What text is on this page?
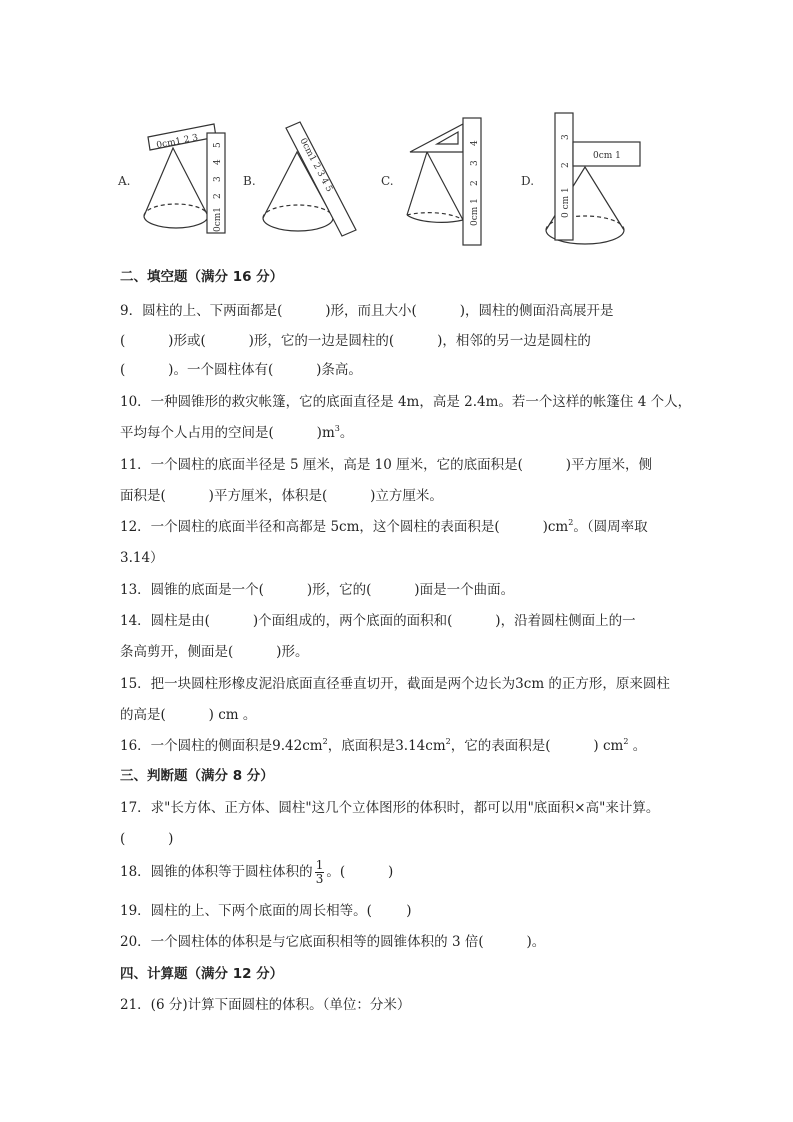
A.
0cm1 2 3
0cm1
2
3
4
5
B.	0cm1 2 3 4 5	C.
0cm 1
2
3
4
D.
0cm 1
0 cm 1
2
3
二、填空题（满分 16 分）
9．圆柱的上、下两面都是(          )形，而且大小(          )，圆柱的侧面沿高展开是
(          )形或(          )形，它的一边是圆柱的(          )，相邻的另一边是圆柱的
(          )。一个圆柱体有(          )条高。
10．一种圆锥形的救灾帐篷，它的底面直径是 4m，高是 2.4m。若一个这样的帐篷住 4 个人，
平均每个人占用的空间是(          )$m^3$。
11．一个圆柱的底面半径是 5 厘米，高是 10 厘米，它的底面积是(          )平方厘米，侧
面积是(          )平方厘米，体积是(          )立方厘米。
12．一个圆柱的底面半径和高都是 5cm，这个圆柱的表面积是(          )$cm^2$。（圆周率取
3.14）
13．圆锥的底面是一个(          )形，它的(          )面是一个曲面。
14．圆柱是由(          )个面组成的，两个底面的面积和(          )，沿着圆柱侧面上的一
条高剪开，侧面是(          )形。
15．把一块圆柱形橡皮泥沿底面直径垂直切开，截面是两个边长为3cm 的正方形，原来圆柱
的高是(          ) cm 。
16．一个圆柱的侧面积是$9.42cm^2$，底面积是$3.14cm^2$，它的表面积是(          ) $cm^2$ 。
三、判断题（满分 8 分）
17．求"长方体、正方体、圆柱"这几个立体图形的体积时，都可以用"底面积×高"来计算。
(          )
18．圆锥的体积等于圆柱体积的 $\frac{1}{3}$ 。(          )
19．圆柱的上、下两个底面的周长相等。(        )
20．一个圆柱体的体积是与它底面积相等的圆锥体积的 3 倍(          )。
四、计算题（满分 12 分）
21．(6 分)计算下面圆柱的体积。（单位：分米）
